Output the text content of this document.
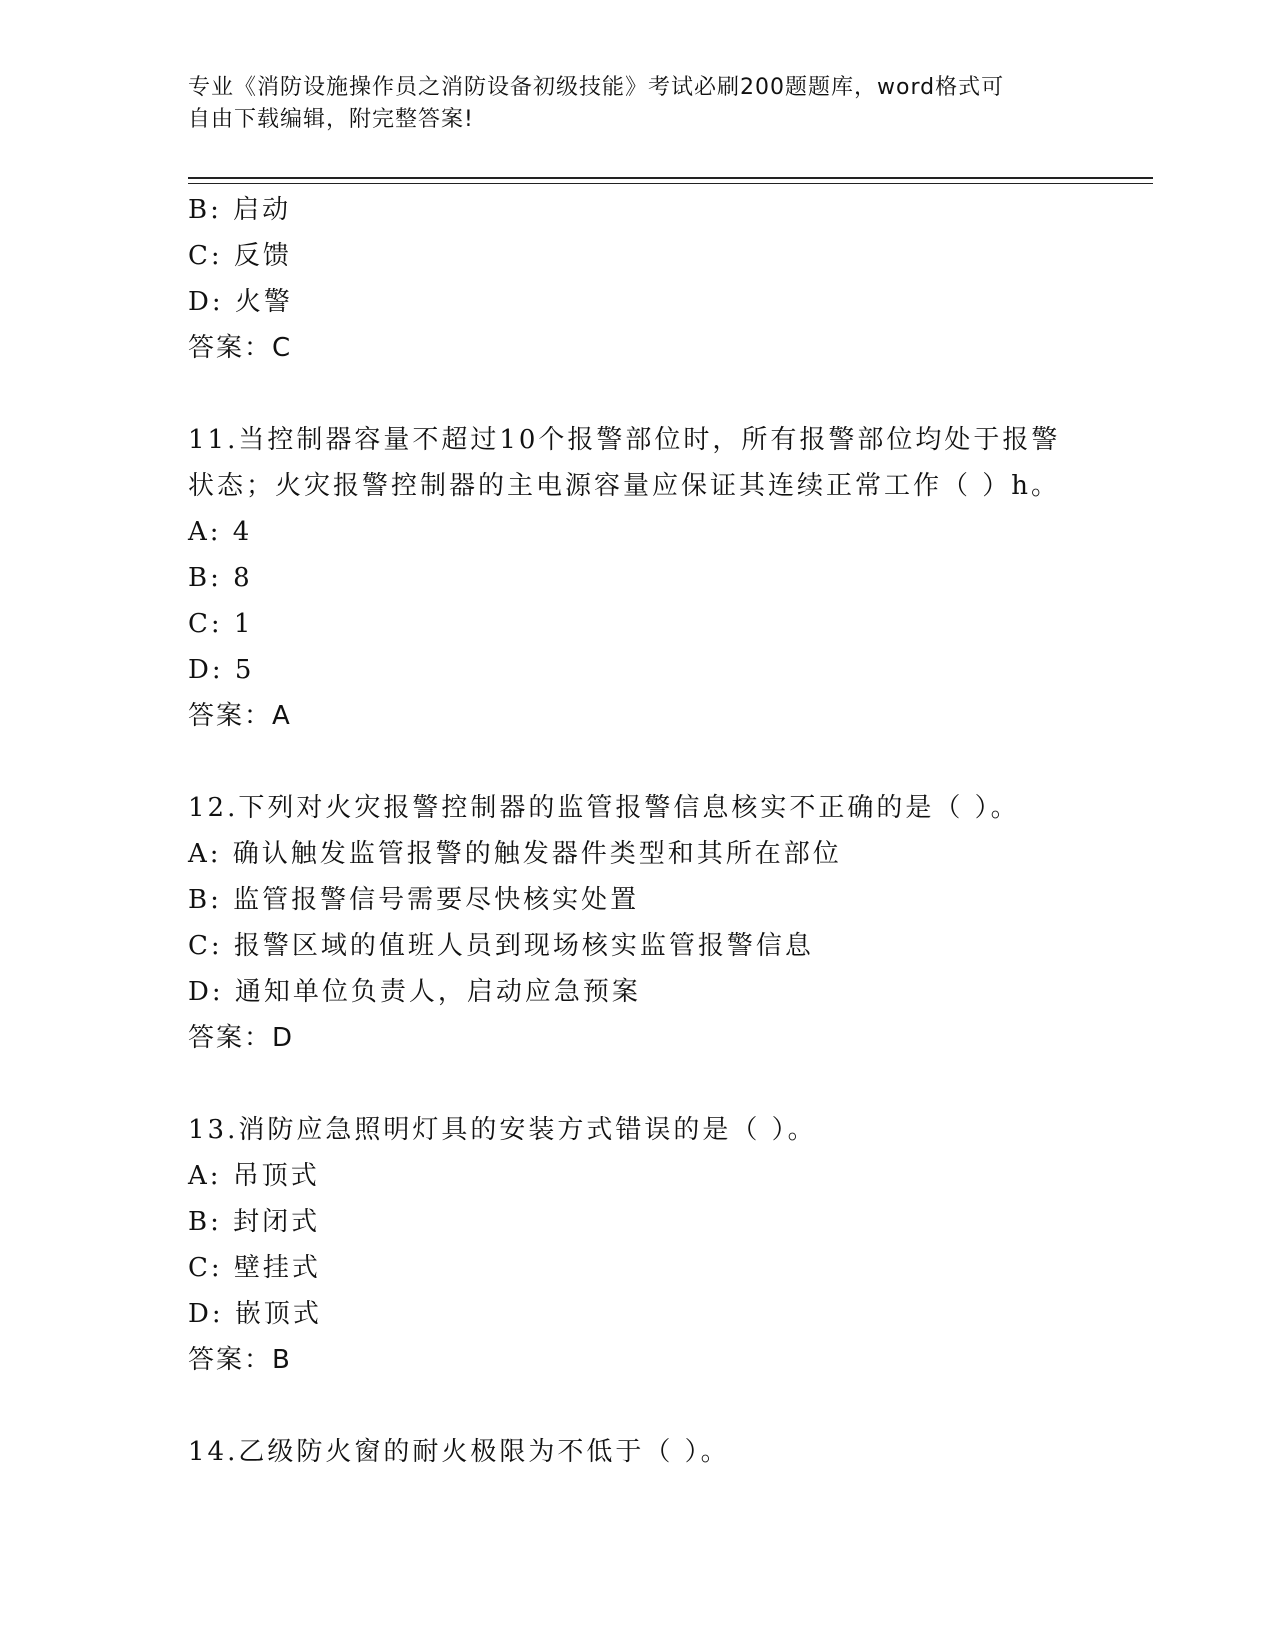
专业《消防设施操作员之消防设备初级技能》考试必刷200题题库，word格式可
自由下载编辑，附完整答案!
B: 启动
C: 反馈
D: 火警
答案：C
11.当控制器容量不超过10个报警部位时，所有报警部位均处于报警
状态；火灾报警控制器的主电源容量应保证其连续正常工作（ ）h。
A: 4
B: 8
C: 1
D: 5
答案：A
12.下列对火灾报警控制器的监管报警信息核实不正确的是（ ）。
A: 确认触发监管报警的触发器件类型和其所在部位
B: 监管报警信号需要尽快核实处置
C: 报警区域的值班人员到现场核实监管报警信息
D: 通知单位负责人，启动应急预案
答案：D
13.消防应急照明灯具的安装方式错误的是（ ）。
A: 吊顶式
B: 封闭式
C: 壁挂式
D: 嵌顶式
答案：B
14.乙级防火窗的耐火极限为不低于（ ）。
